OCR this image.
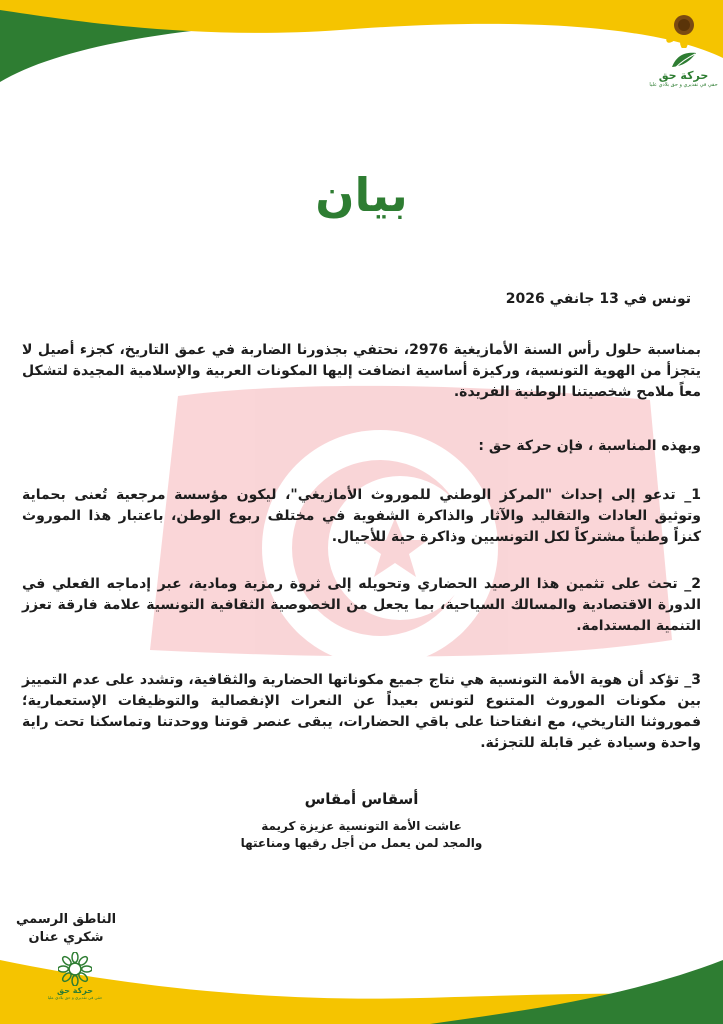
حركة حق
حقي في تقديري و حق بلادي عليا
بيان

تونس في 13 جانفي 2026

بمناسبة حلول رأس السنة الأمازيغية 2976، نحتفي بجذورنا الضاربة في عمق التاريخ، كجزء أصيل لا يتجزأ من الهوية التونسية، وركيزة أساسية انضافت إليها المكونات العربية والإسلامية المجيدة لتشكل معاً ملامح شخصيتنا الوطنية الفريدة.

وبهذه المناسبة ، فإن حركة حق :

1_ تدعو إلى إحداث "المركز الوطني للموروث الأمازيغي"، ليكون مؤسسة مرجعية تُعنى بحماية وتوثيق العادات والتقاليد والآثار والذاكرة الشفوية في مختلف ربوع الوطن، باعتبار هذا الموروث كنزاً وطنياً مشتركاً لكل التونسيين وذاكرة حية للأجيال.

2_ تحث على تثمين هذا الرصيد الحضاري وتحويله إلى ثروة رمزية ومادية، عبر إدماجه الفعلي في الدورة الاقتصادية والمسالك السياحية، بما يجعل من الخصوصية الثقافية التونسية علامة فارقة تعزز التنمية المستدامة.

3_ تؤكد أن هوية الأمة التونسية هي نتاج جميع مكوناتها الحضارية والثقافية، وتشدد على عدم التمييز بين مكونات الموروث المتنوع لتونس بعيداً عن النعرات الإنفصالية والتوظيفات الإستعمارية؛ فموروثنا التاريخي، مع انفتاحنا على باقي الحضارات، يبقى عنصر قوتنا ووحدتنا وتماسكنا تحت راية واحدة وسيادة غير قابلة للتجزئة.

أسقاس أمقاس
عاشت الأمة التونسية عزيزة كريمة
والمجد لمن يعمل من أجل رقيها ومناعتها
الناطق الرسمي
شكري عنان
حركة حق
حقي في تقديري و حق بلادي عليا
